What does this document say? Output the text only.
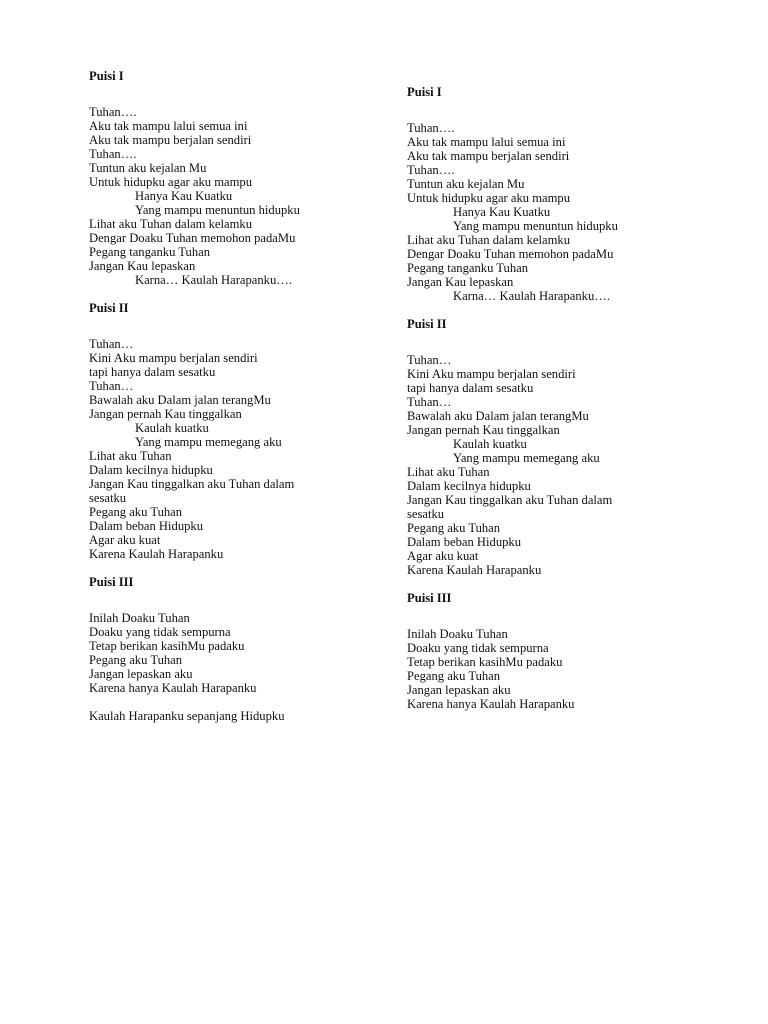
Puisi I
Tuhan….
Aku tak mampu lalui semua ini
Aku tak mampu berjalan sendiri
Tuhan….
Tuntun aku kejalan Mu
Untuk hidupku agar aku mampu
Hanya Kau Kuatku
Yang mampu menuntun hidupku
Lihat aku Tuhan dalam kelamku
Dengar Doaku Tuhan memohon padaMu
Pegang tanganku Tuhan
Jangan Kau lepaskan
Karna… Kaulah Harapanku….
Puisi II
Tuhan…
Kini Aku mampu berjalan sendiri
tapi hanya dalam sesatku
Tuhan…
Bawalah aku Dalam jalan terangMu
Jangan pernah Kau tinggalkan
Kaulah kuatku
Yang mampu memegang aku
Lihat aku Tuhan
Dalam kecilnya hidupku
Jangan Kau tinggalkan aku Tuhan dalam
sesatku
Pegang aku Tuhan
Dalam beban Hidupku
Agar aku kuat
Karena Kaulah Harapanku
Puisi III
Inilah Doaku Tuhan
Doaku yang tidak sempurna
Tetap berikan kasihMu padaku
Pegang aku Tuhan
Jangan lepaskan aku
Karena hanya Kaulah Harapanku
Kaulah Harapanku sepanjang Hidupku
Puisi I
Tuhan….
Aku tak mampu lalui semua ini
Aku tak mampu berjalan sendiri
Tuhan….
Tuntun aku kejalan Mu
Untuk hidupku agar aku mampu
Hanya Kau Kuatku
Yang mampu menuntun hidupku
Lihat aku Tuhan dalam kelamku
Dengar Doaku Tuhan memohon padaMu
Pegang tanganku Tuhan
Jangan Kau lepaskan
Karna… Kaulah Harapanku….
Puisi II
Tuhan…
Kini Aku mampu berjalan sendiri
tapi hanya dalam sesatku
Tuhan…
Bawalah aku Dalam jalan terangMu
Jangan pernah Kau tinggalkan
Kaulah kuatku
Yang mampu memegang aku
Lihat aku Tuhan
Dalam kecilnya hidupku
Jangan Kau tinggalkan aku Tuhan dalam
sesatku
Pegang aku Tuhan
Dalam beban Hidupku
Agar aku kuat
Karena Kaulah Harapanku
Puisi III
Inilah Doaku Tuhan
Doaku yang tidak sempurna
Tetap berikan kasihMu padaku
Pegang aku Tuhan
Jangan lepaskan aku
Karena hanya Kaulah Harapanku
